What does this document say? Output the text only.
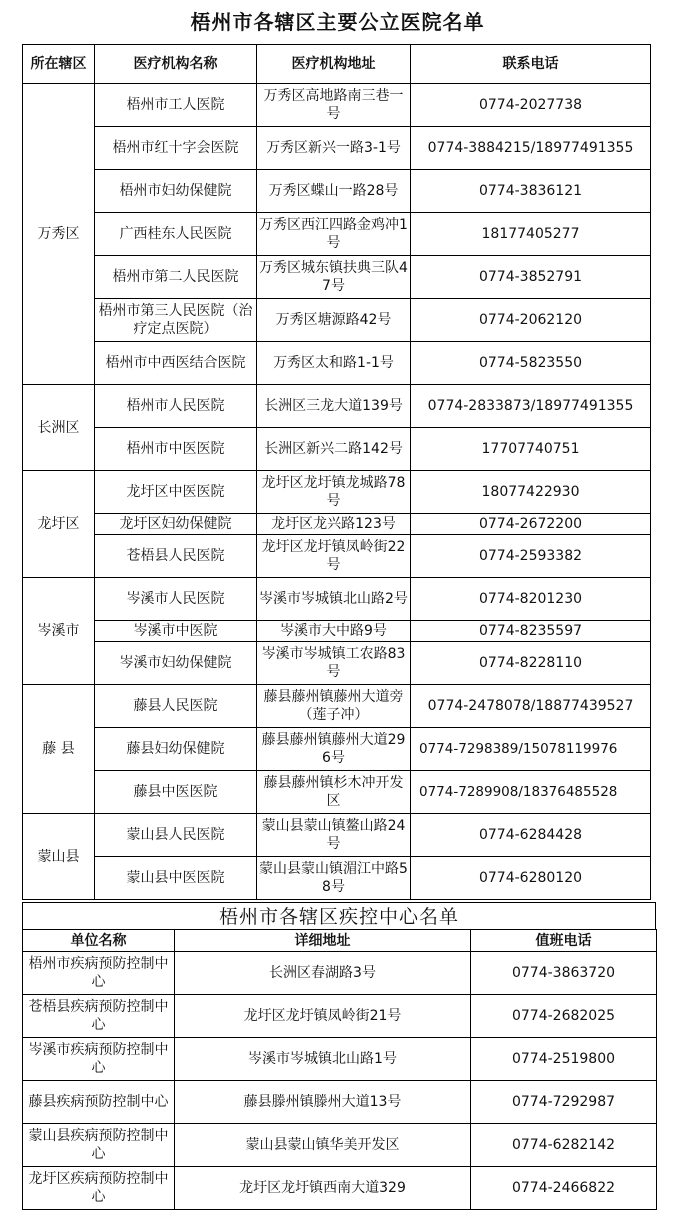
梧州市各辖区主要公立医院名单
所在辖区	医疗机构名称	医疗机构地址	联系电话
万秀区	梧州市工人医院	万秀区高地路南三巷一号	0774-2027738
	梧州市红十字会医院	万秀区新兴一路3-1号	0774-3884215/18977491355
	梧州市妇幼保健院	万秀区蝶山一路28号	0774-3836121
	广西桂东人民医院	万秀区西江四路金鸡冲1号	18177405277
	梧州市第二人民医院	万秀区城东镇扶典三队47号	0774-3852791
	梧州市第三人民医院（治疗定点医院）	万秀区塘源路42号	0774-2062120
	梧州市中西医结合医院	万秀区太和路1-1号	0774-5823550
长洲区	梧州市人民医院	长洲区三龙大道139号	0774-2833873/18977491355
	梧州市中医医院	长洲区新兴二路142号	17707740751
龙圩区	龙圩区中医医院	龙圩区龙圩镇龙城路78号	18077422930
	龙圩区妇幼保健院	龙圩区龙兴路123号	0774-2672200
	苍梧县人民医院	龙圩区龙圩镇凤岭街22号	0774-2593382
岑溪市	岑溪市人民医院	岑溪市岑城镇北山路2号	0774-8201230
	岑溪市中医院	岑溪市大中路9号	0774-8235597
	岑溪市妇幼保健院	岑溪市岑城镇工农路83号	0774-8228110
藤 县	藤县人民医院	藤县藤州镇藤州大道旁（莲子冲）	0774-2478078/18877439527
	藤县妇幼保健院	藤县藤州镇藤州大道296号	0774-7298389/15078119976
	藤县中医医院	藤县藤州镇杉木冲开发区	0774-7289908/18376485528
蒙山县	蒙山县人民医院	蒙山县蒙山镇鳌山路24号	0774-6284428
	蒙山县中医医院	蒙山县蒙山镇湄江中路58号	0774-6280120
梧州市各辖区疾控中心名单
单位名称	详细地址	值班电话
梧州市疾病预防控制中心	长洲区春湖路3号	0774-3863720
苍梧县疾病预防控制中心	龙圩区龙圩镇凤岭街21号	0774-2682025
岑溪市疾病预防控制中心	岑溪市岑城镇北山路1号	0774-2519800
藤县疾病预防控制中心	藤县滕州镇滕州大道13号	0774-7292987
蒙山县疾病预防控制中心	蒙山县蒙山镇华美开发区	0774-6282142
龙圩区疾病预防控制中心	龙圩区龙圩镇西南大道329	0774-2466822
